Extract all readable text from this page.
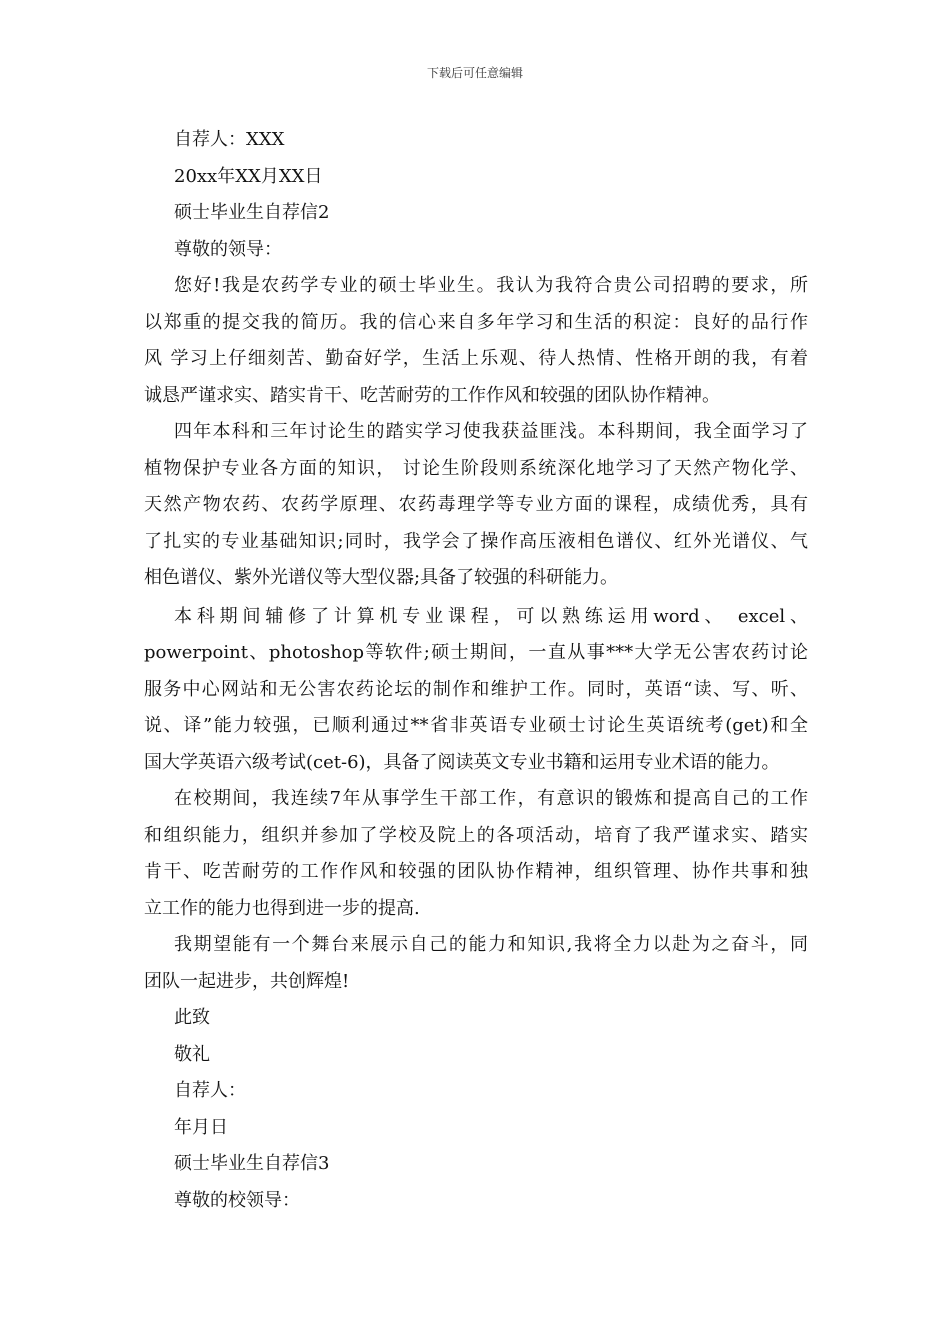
下载后可任意编辑

自荐人：XXX

20xx年XX月XX日

硕士毕业生自荐信2

尊敬的领导：

您好!我是农药学专业的硕士毕业生。我认为我符合贵公司招聘的要求，所

以郑重的提交我的简历。我的信心来自多年学习和生活的积淀：良好的品行作

风 学习上仔细刻苦、勤奋好学，生活上乐观、待人热情、性格开朗的我，有着

诚恳严谨求实、踏实肯干、吃苦耐劳的工作作风和较强的团队协作精神。

四年本科和三年讨论生的踏实学习使我获益匪浅。本科期间，我全面学习了

植物保护专业各方面的知识， 讨论生阶段则系统深化地学习了天然产物化学、

天然产物农药、农药学原理、农药毒理学等专业方面的课程，成绩优秀，具有

了扎实的专业基础知识;同时，我学会了操作高压液相色谱仪、红外光谱仪、气

相色谱仪、紫外光谱仪等大型仪器;具备了较强的科研能力。

本科期间辅修了计算机专业课程，可以熟练运用word、 excel、

powerpoint、photoshop等软件;硕士期间，一直从事***大学无公害农药讨论

服务中心网站和无公害农药论坛的制作和维护工作。同时，英语“读、写、听、

说、译”能力较强，已顺利通过**省非英语专业硕士讨论生英语统考(get)和全

国大学英语六级考试(cet-6)，具备了阅读英文专业书籍和运用专业术语的能力。

在校期间，我连续7年从事学生干部工作，有意识的锻炼和提高自己的工作

和组织能力，组织并参加了学校及院上的各项活动，培育了我严谨求实、踏实

肯干、吃苦耐劳的工作作风和较强的团队协作精神，组织管理、协作共事和独

立工作的能力也得到进一步的提高.

我期望能有一个舞台来展示自己的能力和知识,我将全力以赴为之奋斗，同

团队一起进步，共创辉煌!

此致

敬礼

自荐人：

年月日

硕士毕业生自荐信3

尊敬的校领导：
